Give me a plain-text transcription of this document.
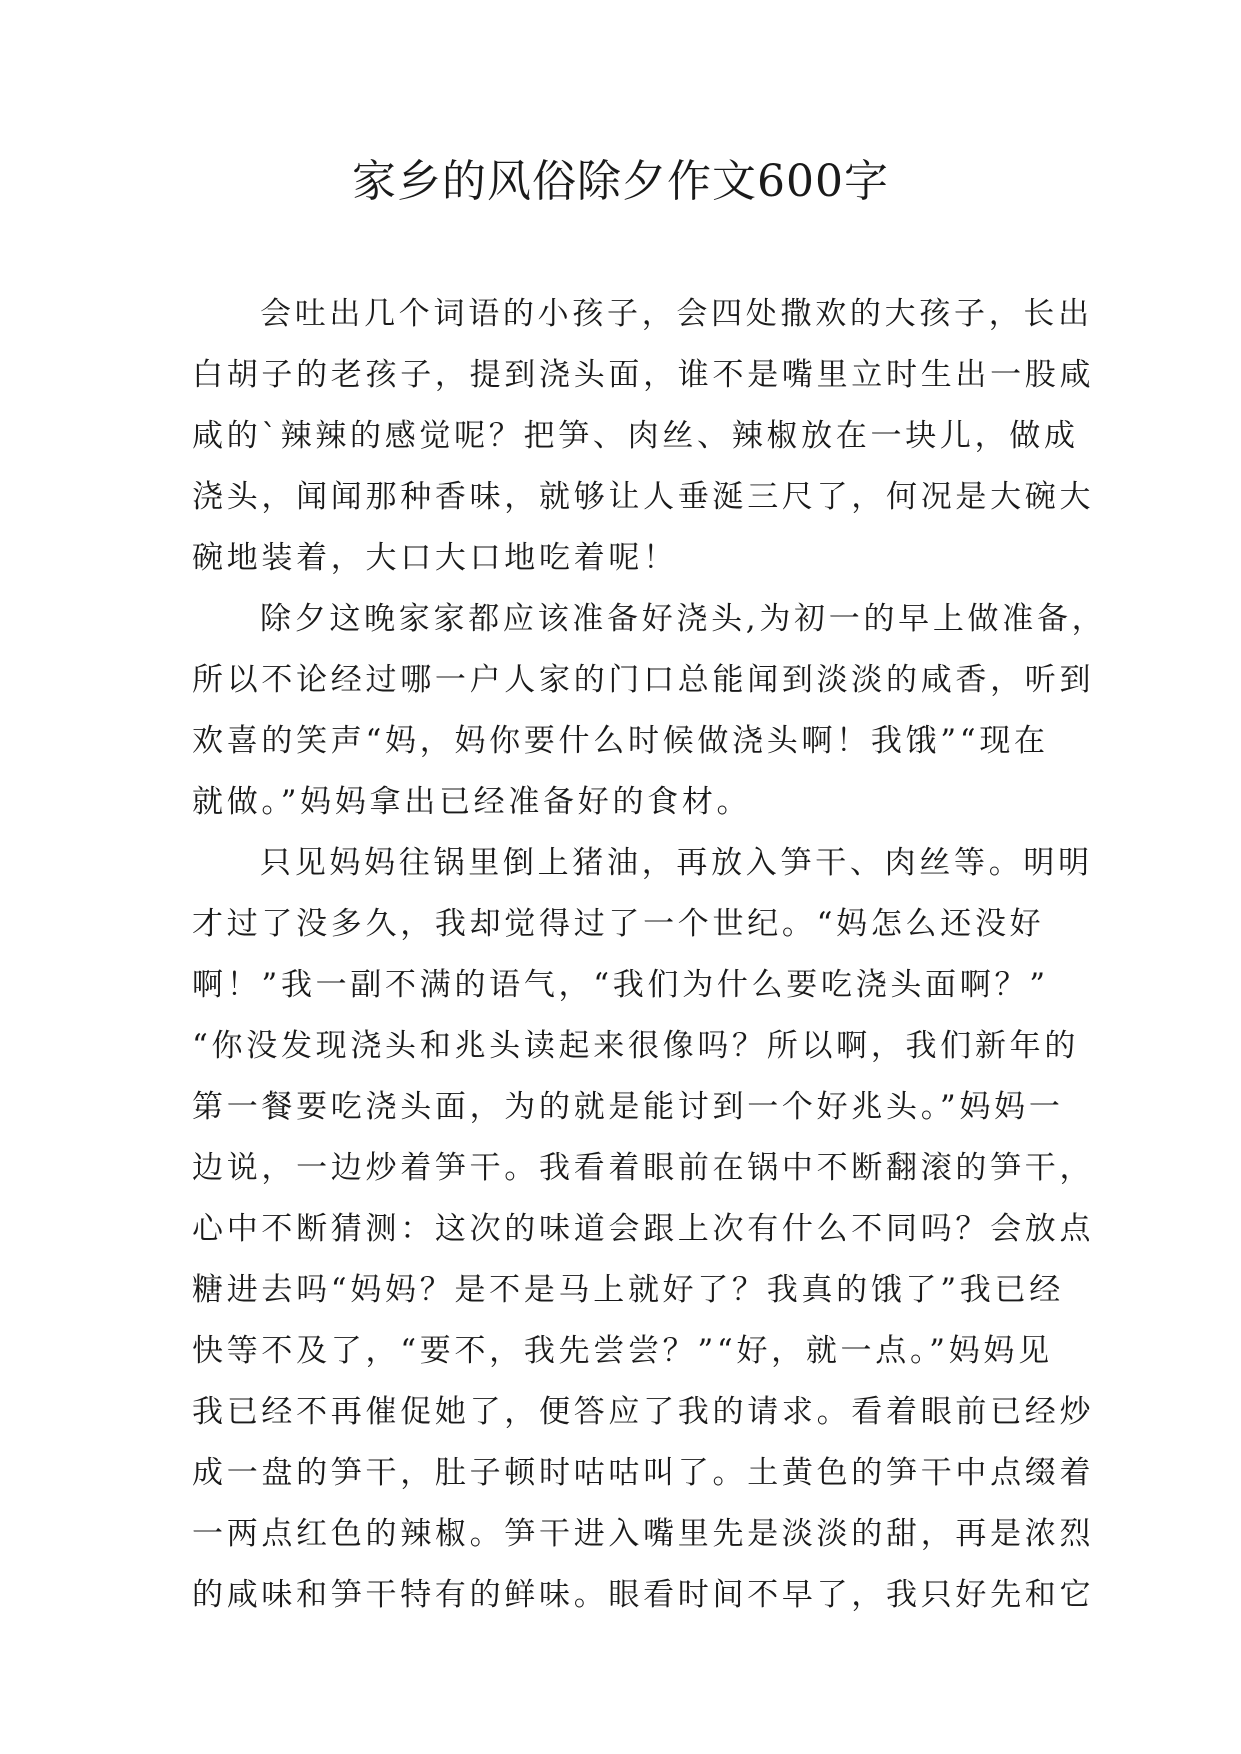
家乡的风俗除夕作文600字
会吐出几个词语的小孩子，会四处撒欢的大孩子，长出
白胡子的老孩子，提到浇头面，谁不是嘴里立时生出一股咸
咸的`辣辣的感觉呢？把笋、肉丝、辣椒放在一块儿，做成
浇头，闻闻那种香味，就够让人垂涎三尺了，何况是大碗大
碗地装着，大口大口地吃着呢！
除夕这晚家家都应该准备好浇头,为初一的早上做准备，
所以不论经过哪一户人家的门口总能闻到淡淡的咸香，听到
欢喜的笑声“妈，妈你要什么时候做浇头啊！我饿”“现在
就做。”妈妈拿出已经准备好的食材。
只见妈妈往锅里倒上猪油，再放入笋干、肉丝等。明明
才过了没多久，我却觉得过了一个世纪。“妈怎么还没好
啊！”我一副不满的语气，“我们为什么要吃浇头面啊？”
“你没发现浇头和兆头读起来很像吗？所以啊，我们新年的
第一餐要吃浇头面，为的就是能讨到一个好兆头。”妈妈一
边说，一边炒着笋干。我看着眼前在锅中不断翻滚的笋干，
心中不断猜测：这次的味道会跟上次有什么不同吗？会放点
糖进去吗“妈妈？是不是马上就好了？我真的饿了”我已经
快等不及了，“要不，我先尝尝？”“好，就一点。”妈妈见
我已经不再催促她了，便答应了我的请求。看着眼前已经炒
成一盘的笋干，肚子顿时咕咕叫了。土黄色的笋干中点缀着
一两点红色的辣椒。笋干进入嘴里先是淡淡的甜，再是浓烈
的咸味和笋干特有的鲜味。眼看时间不早了，我只好先和它
